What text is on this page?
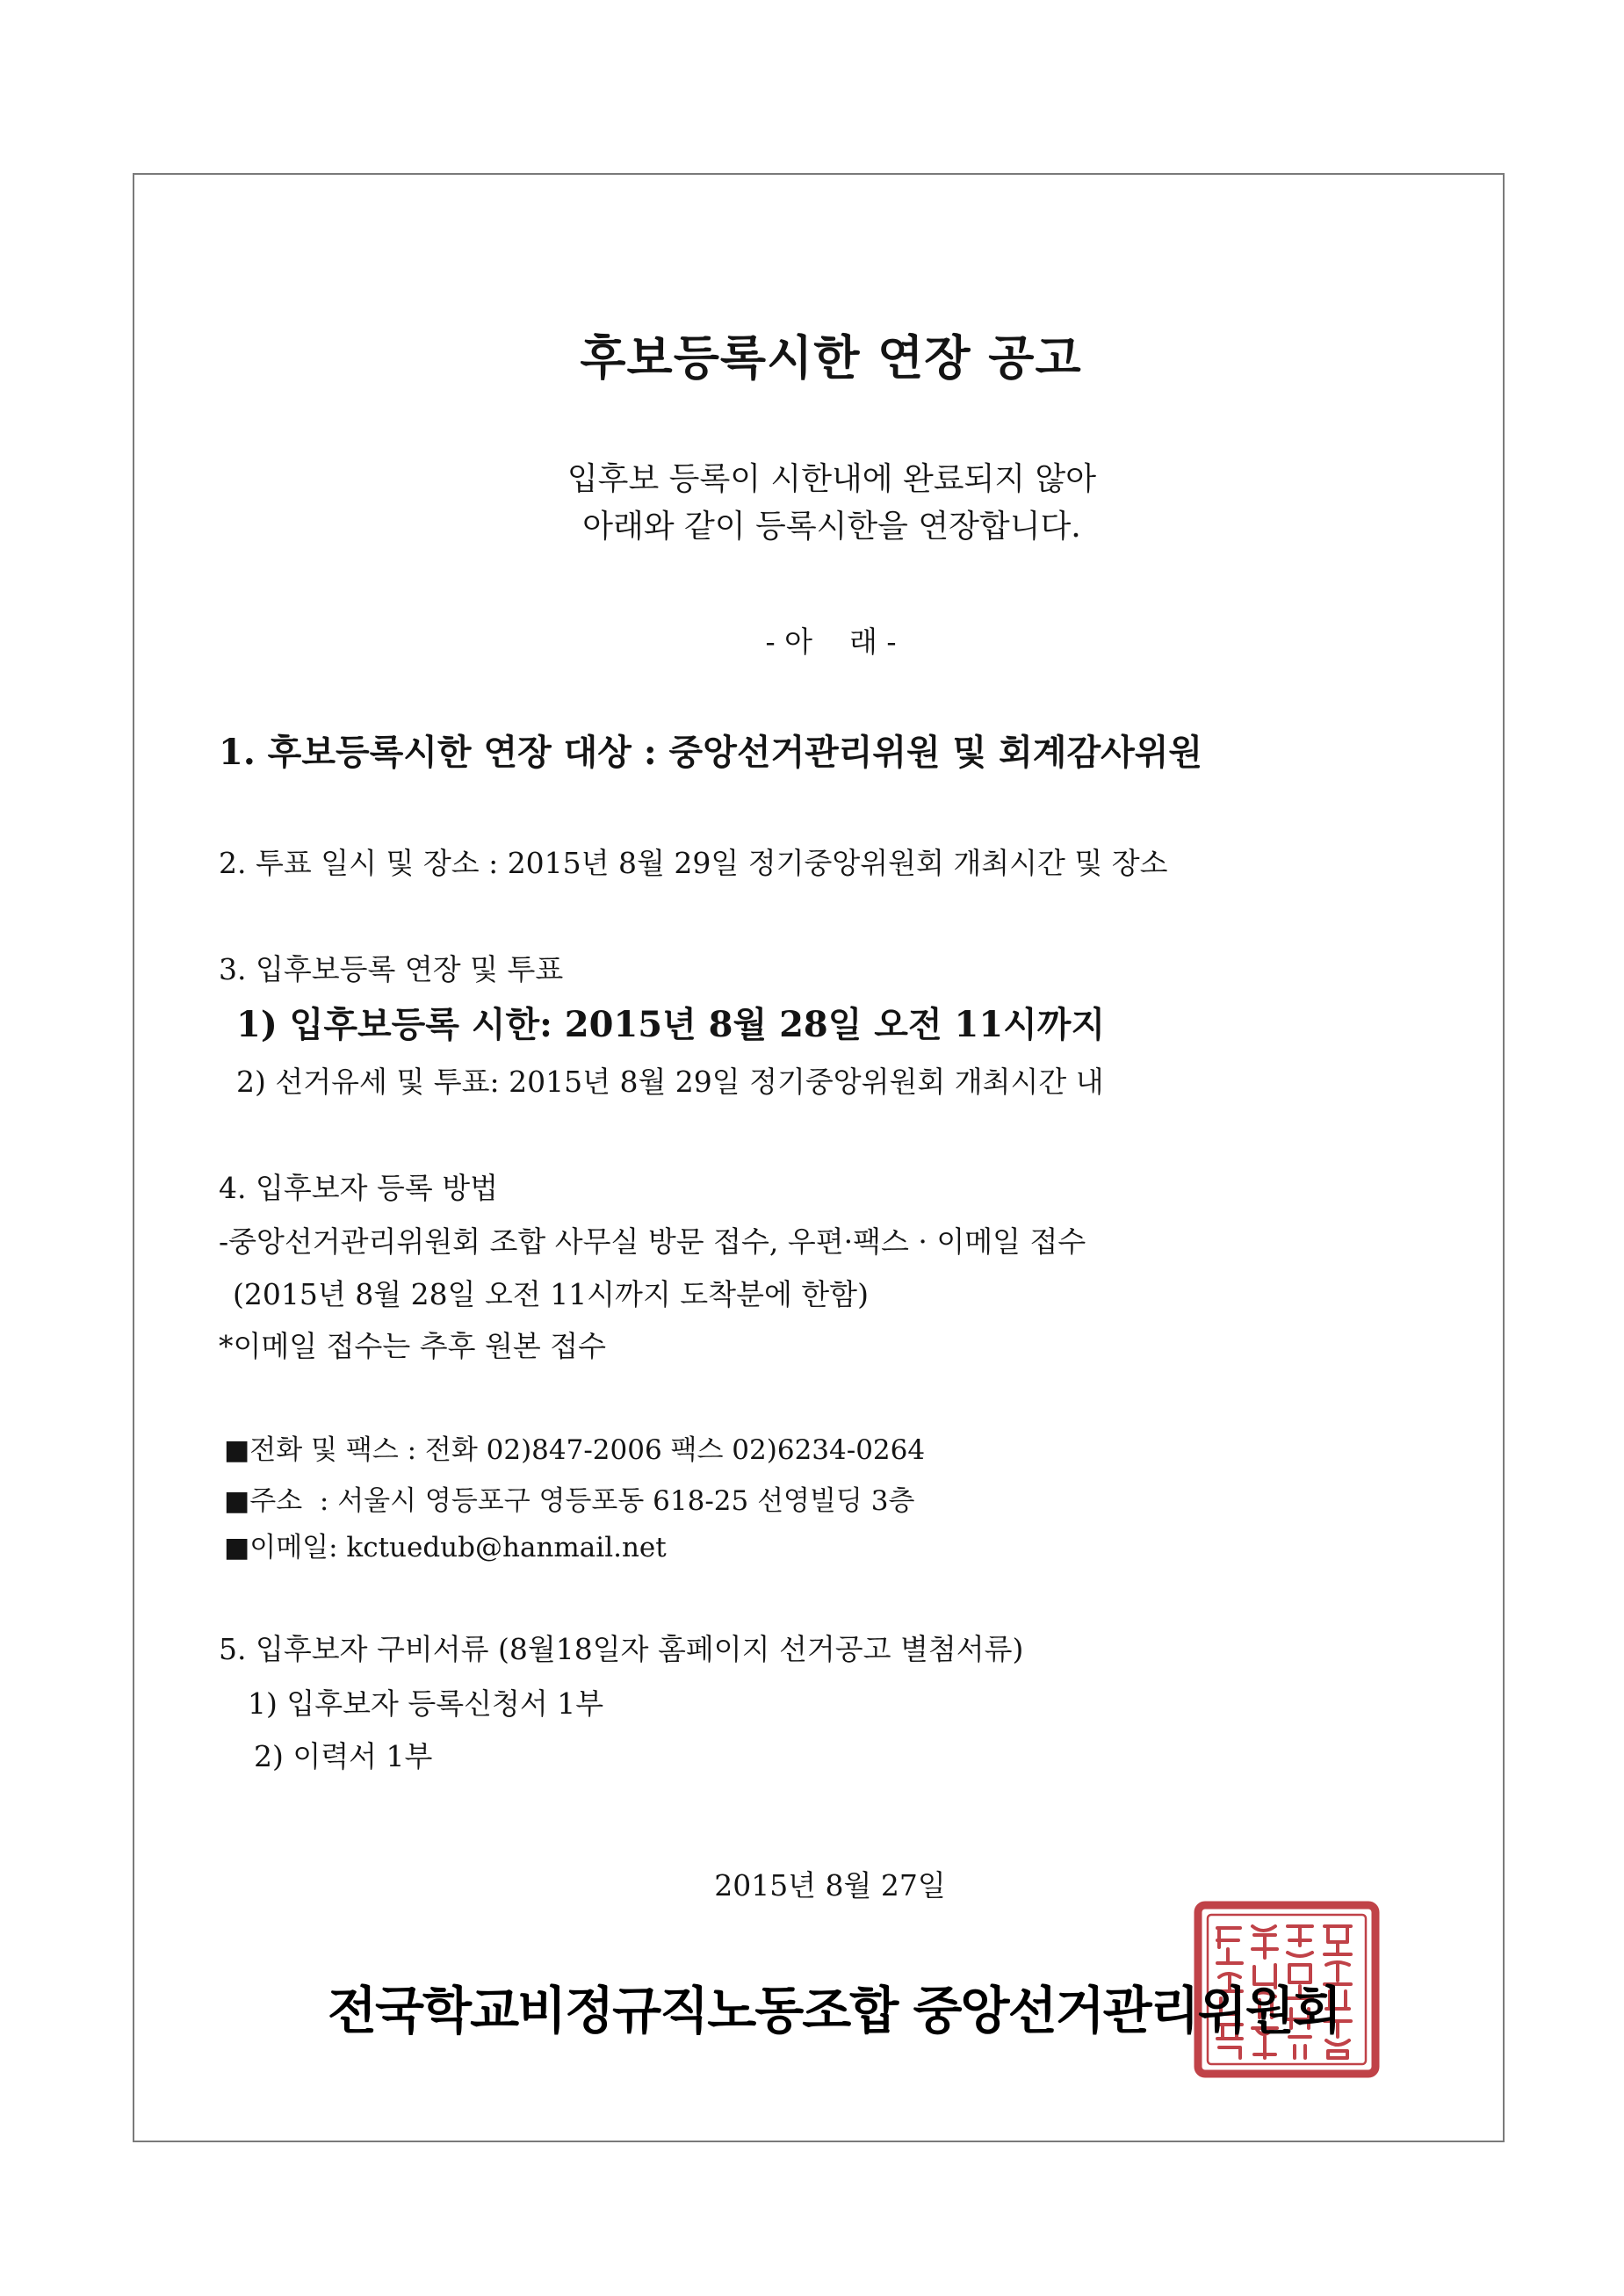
후보등록시한 연장 공고
입후보 등록이 시한내에 완료되지 않아
아래와 같이 등록시한을 연장합니다.
- 아    래 -
1. 후보등록시한 연장 대상 : 중앙선거관리위원 및 회계감사위원
2. 투표 일시 및 장소 : 2015년 8월 29일 정기중앙위원회 개최시간 및 장소
3. 입후보등록 연장 및 투표
1) 입후보등록 시한: 2015년 8월 28일 오전 11시까지
2) 선거유세 및 투표: 2015년 8월 29일 정기중앙위원회 개최시간 내
4. 입후보자 등록 방법
-중앙선거관리위원회 조합 사무실 방문 접수, 우편·팩스 · 이메일 접수
(2015년 8월 28일 오전 11시까지 도착분에 한함)
*이메일 접수는 추후 원본 접수
■전화 및 팩스 : 전화 02)847-2006 팩스 02)6234-0264
■주소  : 서울시 영등포구 영등포동 618-25 선영빌딩 3층
■이메일: kctuedub@hanmail.net
5. 입후보자 구비서류 (8월18일자 홈페이지 선거공고 별첨서류)
1) 입후보자 등록신청서 1부
2) 이력서 1부
2015년 8월 27일
전국학교비정규직노동조합 중앙선거관리위원회
